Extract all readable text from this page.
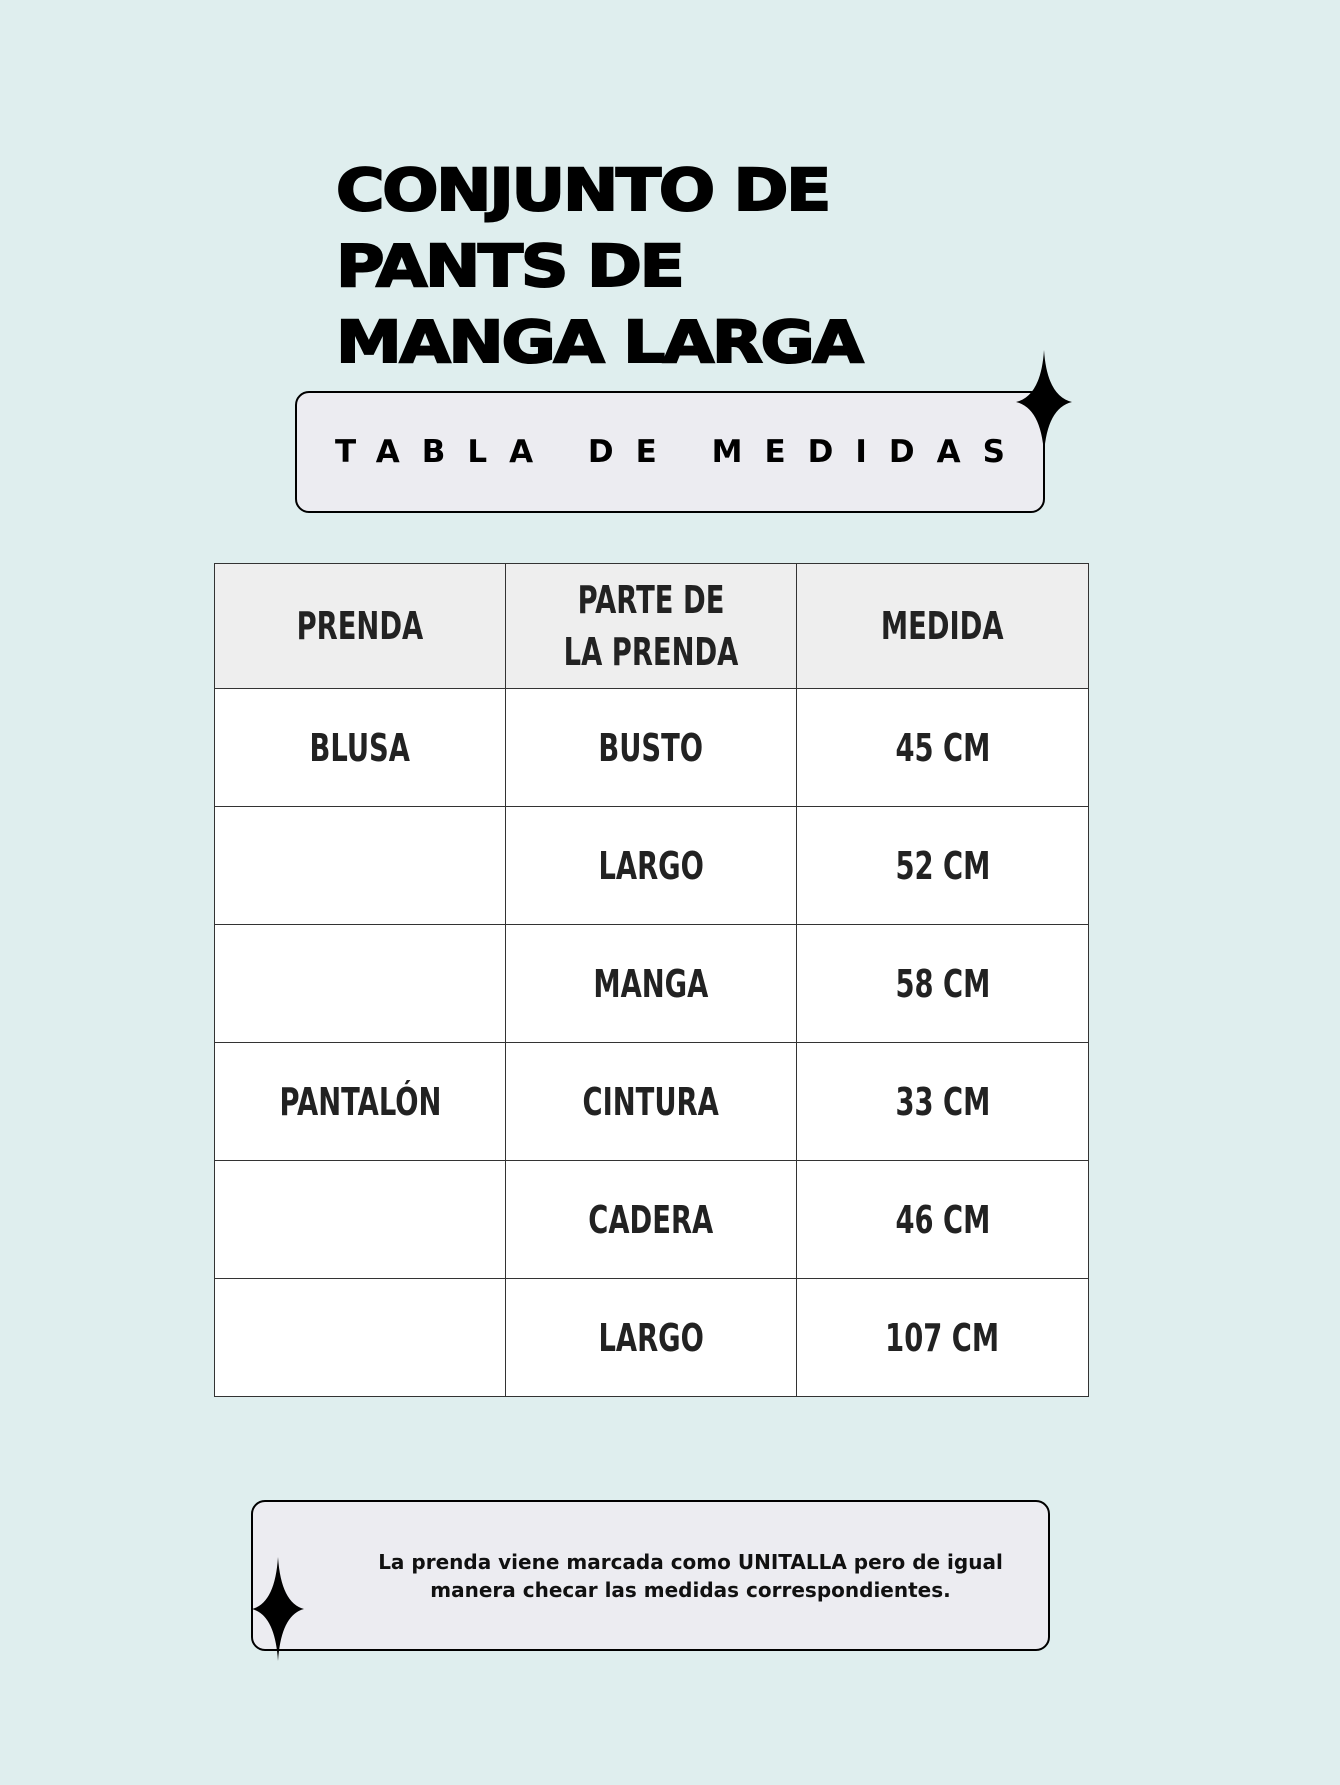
CONJUNTO DE
PANTS DE
MANGA LARGA
TABLA DE MEDIDAS
PRENDA	PARTE DE LA PRENDA	MEDIDA
BLUSA	BUSTO	45 CM
	LARGO	52 CM
	MANGA	58 CM
PANTALÓN	CINTURA	33 CM
	CADERA	46 CM
	LARGO	107 CM
La prenda viene marcada como UNITALLA pero de igual manera checar las medidas correspondientes.
